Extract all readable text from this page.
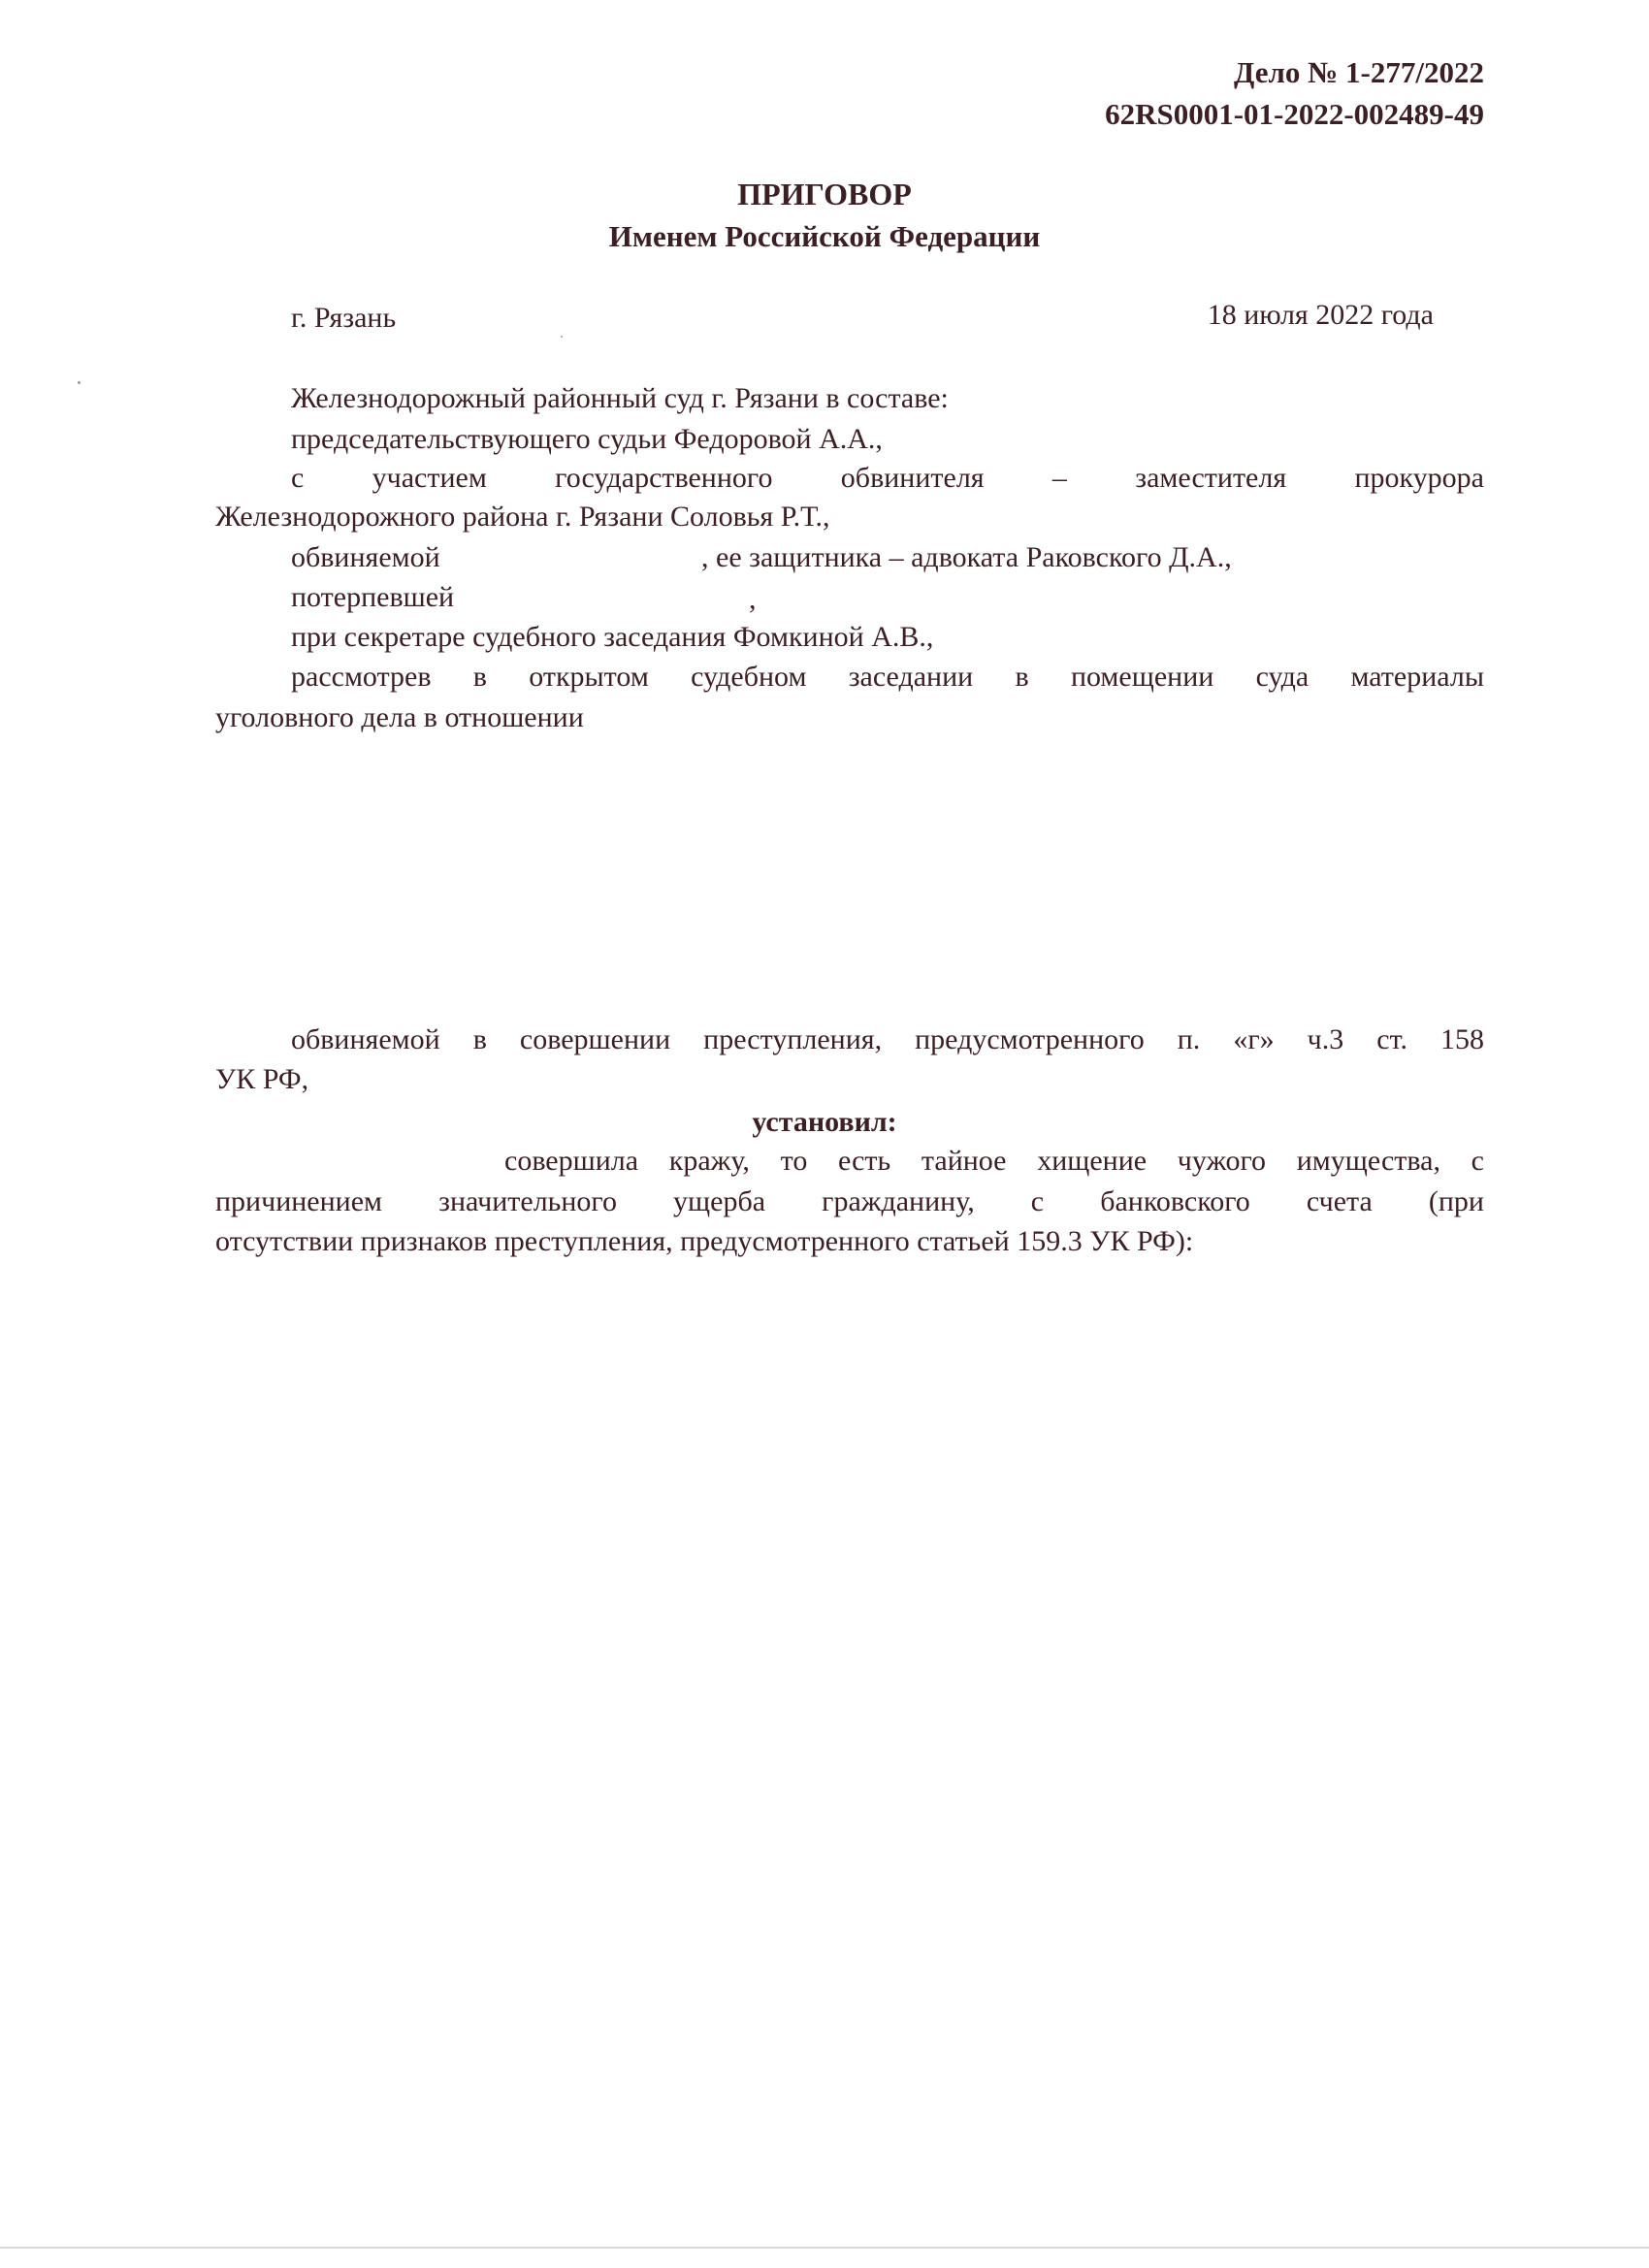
Дело № 1-277/2022
62RS0001-01-2022-002489-49
ПРИГОВОР
Именем Российской Федерации
г. Рязань	18 июля 2022 года
Железнодорожный районный суд г. Рязани в составе:
председательствующего судьи Федоровой А.А.,
с участием государственного обвинителя – заместителя прокурора
Железнодорожного района г. Рязани Соловья Р.Т.,
обвиняемой	, ее защитника – адвоката Раковского Д.А.,
потерпевшей	,
при секретаре судебного заседания Фомкиной А.В.,
рассмотрев в открытом судебном заседании в помещении суда материалы
уголовного дела в отношении
обвиняемой в совершении преступления, предусмотренного п. «г» ч.3 ст. 158
УК РФ,
установил:
совершила кражу, то есть тайное хищение чужого имущества, с
причинением значительного ущерба гражданину, с банковского счета (при
отсутствии признаков преступления, предусмотренного статьей 159.3 УК РФ):
